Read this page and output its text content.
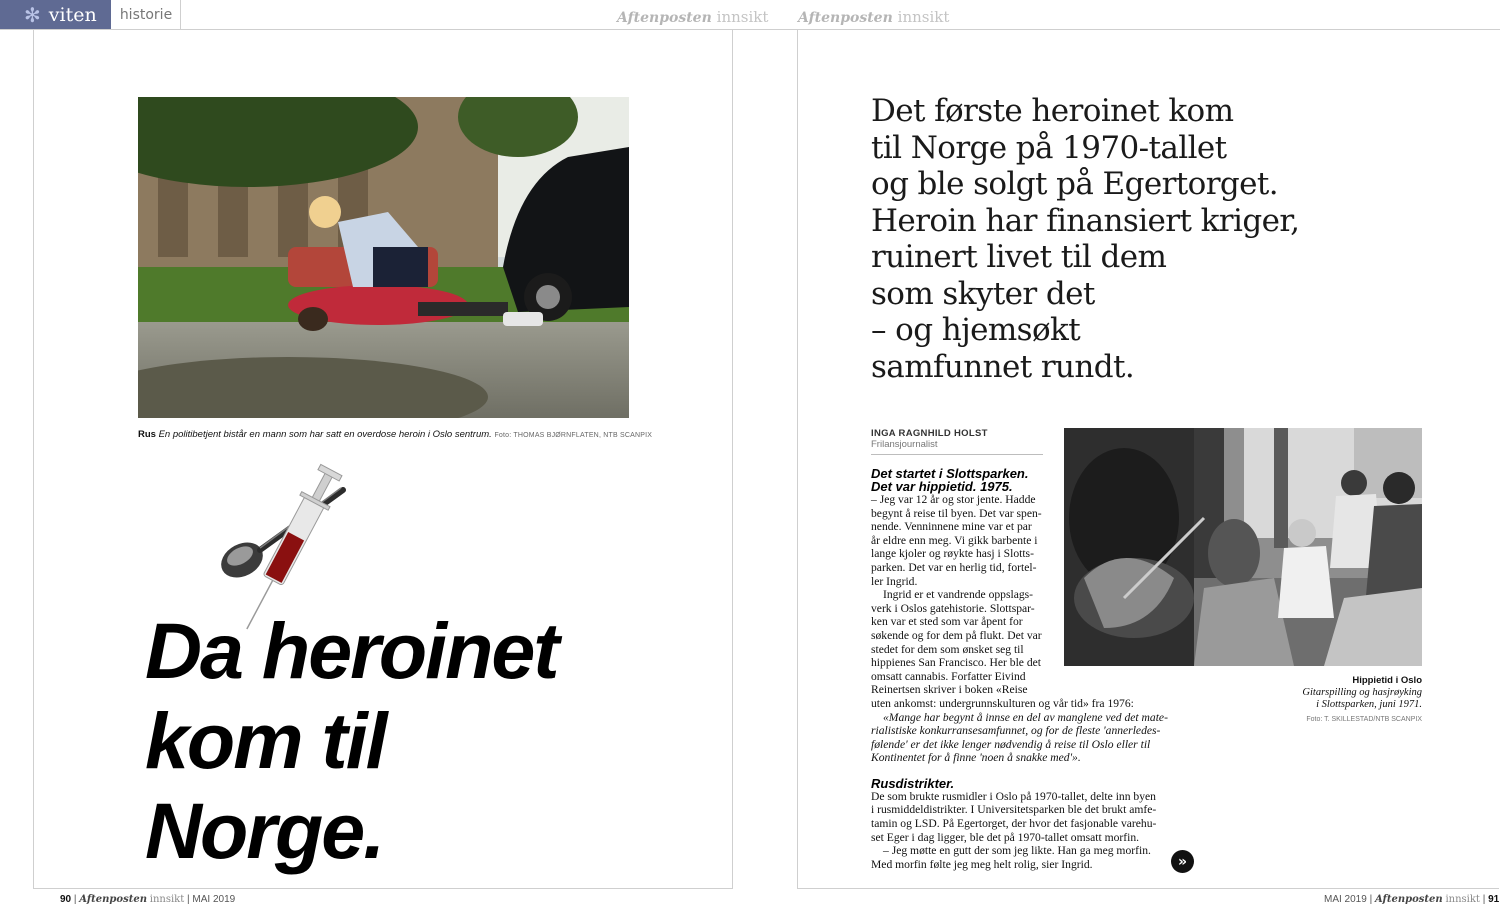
✻ viten	historie	Aftenposten innsikt Aftenposten innsikt
Rus En politibetjent bistår en mann som har satt en overdose heroin i Oslo sentrum. Foto: THOMAS BJØRNFLATEN, NTB SCANPIX
Da heroinet
kom til
Norge.
Det første heroinet kom
til Norge på 1970-tallet
og ble solgt på Egertorget.
Heroin har finansiert kriger,
ruinert livet til dem
som skyter det
– og hjemsøkt
samfunnet rundt.
INGA RAGNHILD HOLST
Frilansjournalist
Det startet i Slottsparken.
Det var hippietid. 1975.
– Jeg var 12 år og stor jente. Hadde
begynt å reise til byen. Det var spen-
nende. Venninnene mine var et par
år eldre enn meg. Vi gikk barbente i
lange kjoler og røykte hasj i Slotts-
parken. Det var en herlig tid, fortel-
ler Ingrid.
Ingrid er et vandrende oppslags-
verk i Oslos gatehistorie. Slottspar-
ken var et sted som var åpent for
søkende og for dem på flukt. Det var
stedet for dem som ønsket seg til
hippienes San Francisco. Her ble det
omsatt cannabis. Forfatter Eivind
Reinertsen skriver i boken «Reise
uten ankomst: undergrunnskulturen og vår tid» fra 1976:
«Mange har begynt å innse en del av manglene ved det mate-
rialistiske konkurransesamfunnet, og for de fleste 'annerledes-
følende' er det ikke lenger nødvendig å reise til Oslo eller til
Kontinentet for å finne 'noen å snakke med'».
Rusdistrikter.
De som brukte rusmidler i Oslo på 1970-tallet, delte inn byen
i rusmiddeldistrikter. I Universitetsparken ble det brukt amfe-
tamin og LSD. På Egertorget, der hvor det fasjonable varehu-
set Eger i dag ligger, ble det på 1970-tallet omsatt morfin.
– Jeg møtte en gutt der som jeg likte. Han ga meg morfin.
Med morfin følte jeg meg helt rolig, sier Ingrid.
Hippietid i Oslo
Gitarspilling og hasjrøyking
i Slottsparken, juni 1971.
Foto: T. SKILLESTAD/NTB SCANPIX
»
90 | Aftenposten innsikt | MAI 2019	MAI 2019 | Aftenposten innsikt | 91
